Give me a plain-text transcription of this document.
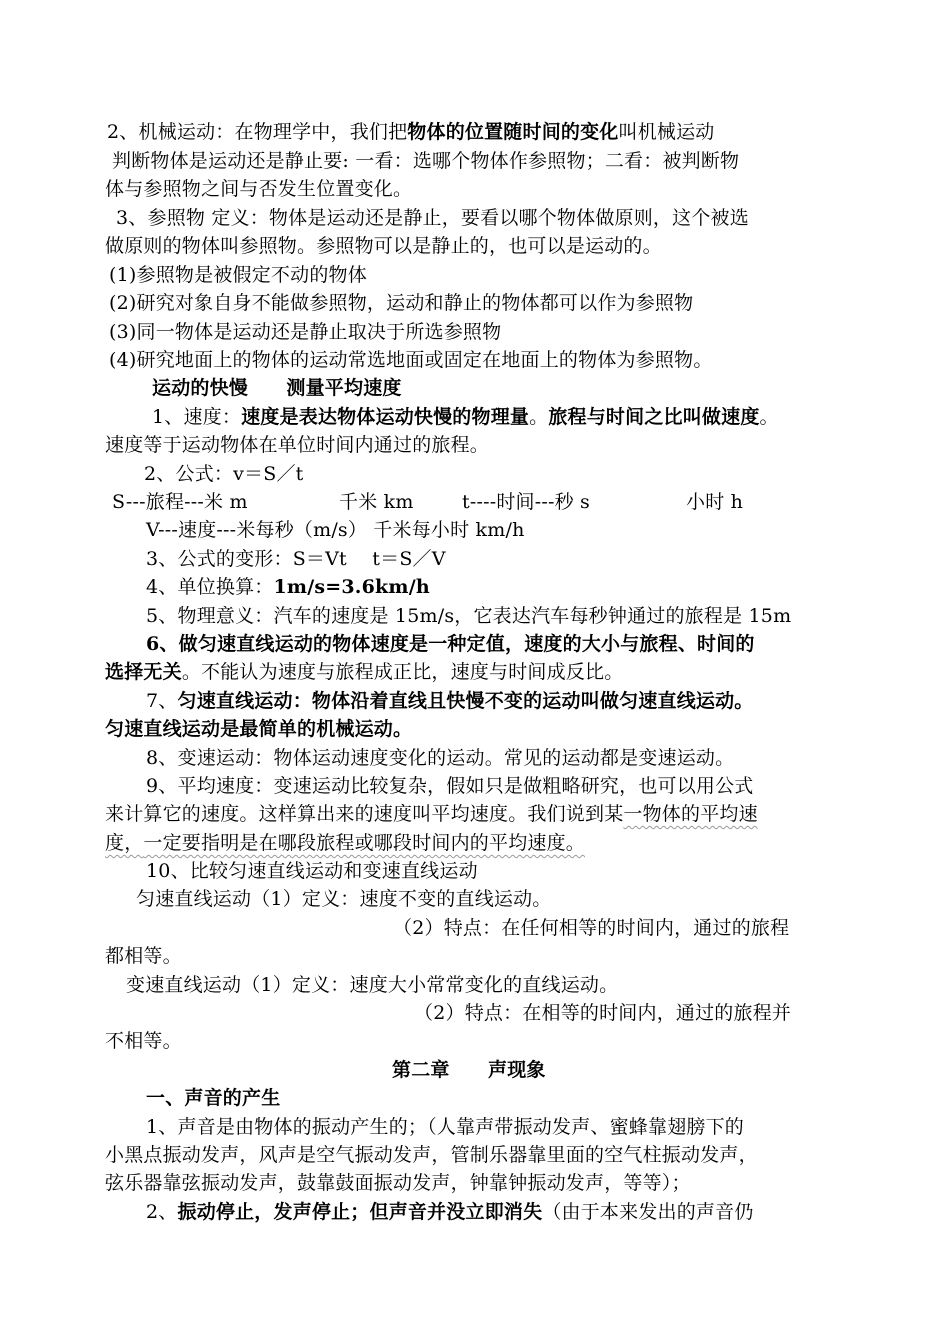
2、机械运动：在物理学中，我们把物体的位置随时间的变化叫机械运动
判断物体是运动还是静止要: 一看：选哪个物体作参照物；二看：被判断物
体与参照物之间与否发生位置变化。
3、参照物 定义：物体是运动还是静止，要看以哪个物体做原则，这个被选
做原则的物体叫参照物。参照物可以是静止的，也可以是运动的。
(1)参照物是被假定不动的物体
(2)研究对象自身不能做参照物，运动和静止的物体都可以作为参照物
(3)同一物体是运动还是静止取决于所选参照物
(4)研究地面上的物体的运动常选地面或固定在地面上的物体为参照物。
运动的快慢　　测量平均速度
1、速度：速度是表达物体运动快慢的物理量。旅程与时间之比叫做速度。
速度等于运动物体在单位时间内通过的旅程。
2、公式：v＝S／t
S---旅程---米 m	千米 km	t----时间---秒 s	小时 h
V---速度---米每秒（m/s） 千米每小时 km/h
3、公式的变形：S＝Vt　 t＝S／V
4、单位换算：1m/s=3.6km/h
5、物理意义：汽车的速度是 15m/s，它表达汽车每秒钟通过的旅程是 15m
6、做匀速直线运动的物体速度是一种定值，速度的大小与旅程、时间的
选择无关。不能认为速度与旅程成正比，速度与时间成反比。
7、匀速直线运动：物体沿着直线且快慢不变的运动叫做匀速直线运动。
匀速直线运动是最简单的机械运动。
8、变速运动：物体运动速度变化的运动。常见的运动都是变速运动。
9、平均速度：变速运动比较复杂，假如只是做粗略研究，也可以用公式
来计算它的速度。这样算出来的速度叫平均速度。我们说到某一物体的平均速
度，一定要指明是在哪段旅程或哪段时间内的平均速度。
10、比较匀速直线运动和变速直线运动
匀速直线运动（1）定义：速度不变的直线运动。
（2）特点：在任何相等的时间内，通过的旅程
都相等。
变速直线运动（1）定义：速度大小常常变化的直线运动。
（2）特点：在相等的时间内，通过的旅程并
不相等。
第二章　　声现象
一、声音的产生
1、声音是由物体的振动产生的；（人靠声带振动发声、蜜蜂靠翅膀下的
小黑点振动发声，风声是空气振动发声，管制乐器靠里面的空气柱振动发声，
弦乐器靠弦振动发声，鼓靠鼓面振动发声，钟靠钟振动发声，等等）；
2、振动停止，发声停止；但声音并没立即消失（由于本来发出的声音仍
